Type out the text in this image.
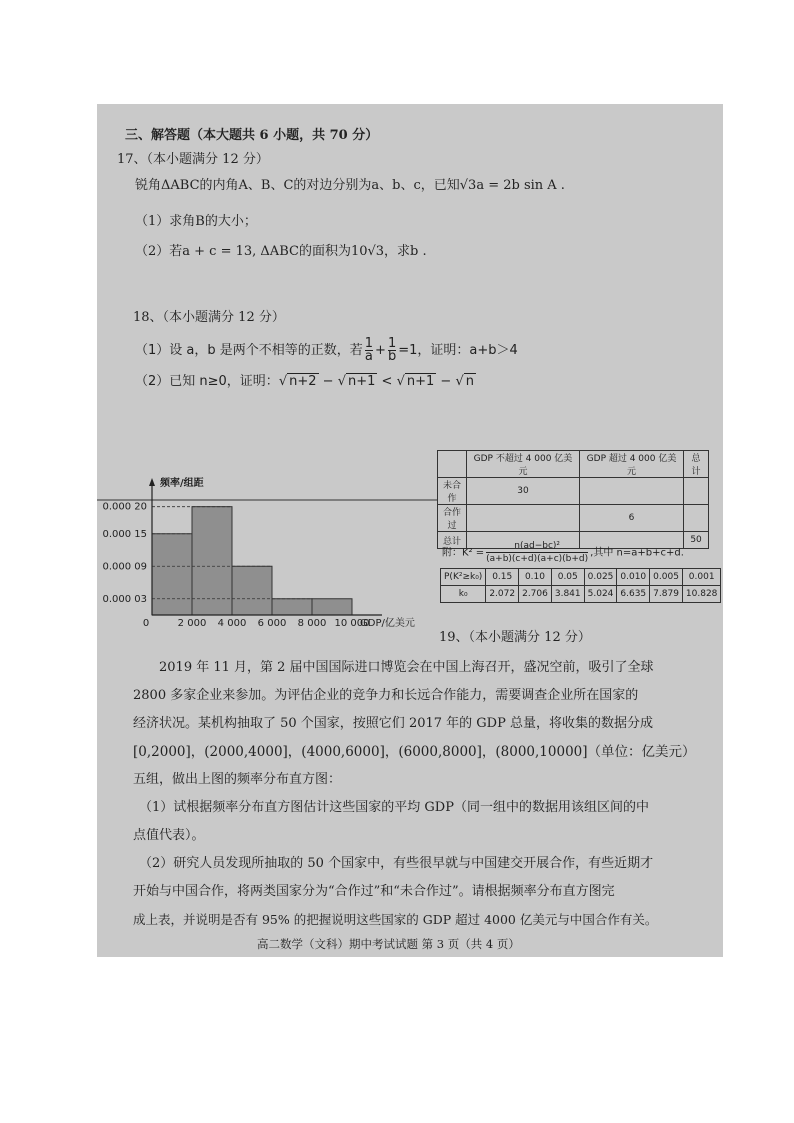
三、解答题（本大题共 6 小题，共 70 分）
17、（本小题满分 12 分）
锐角ΔABC的内角A、B、C的对边分别为a、b、c，已知√3a = 2b sin A .
（1）求角B的大小；
（2）若a + c = 13, ΔABC的面积为10√3，求b .
18、（本小题满分 12 分）
（1）设 a，b 是两个不相等的正数，若 $\frac{1}{a} + \frac{1}{b} =1$，证明：a+b＞4
（2）已知 n≥0，证明：√ n+2 − √ n+1 < √ n+1 − √ n
0.000 20
0.000 15
0.000 09
0.000 03
0	2 000 4 000 6 000 8 000 10 000
频率/组距
GDP/亿美元
	GDP 不超过 4 000 亿美元	GDP 超过 4 000 亿美元	总计
未合作	30		
合作过		6	
总计			50
附：$K^2 = \frac{\text{n(ad−bc)²}}{(a+b)(c+d)(a+c)(b+d)}$ ,其中 n=a+b+c+d.
P(K²≥k₀)	0.15	0.10	0.05	0.025	0.010	0.005	0.001
k₀	2.072	2.706	3.841	5.024	6.635	7.879	10.828
19、（本小题满分 12 分）
2019 年 11 月，第 2 届中国国际进口博览会在中国上海召开，盛况空前，吸引了全球
2800 多家企业来参加。为评估企业的竞争力和长远合作能力，需要调查企业所在国家的
经济状况。某机构抽取了 50 个国家，按照它们 2017 年的 GDP 总量，将收集的数据分成
[0,2000]，(2000,4000]，(4000,6000]，(6000,8000]，(8000,10000]（单位：亿美元）
五组，做出上图的频率分布直方图：
（1）试根据频率分布直方图估计这些国家的平均 GDP（同一组中的数据用该组区间的中
点值代表）。
（2）研究人员发现所抽取的 50 个国家中，有些很早就与中国建交开展合作，有些近期才
开始与中国合作，将两类国家分为“合作过”和“未合作过”。请根据频率分布直方图完
成上表，并说明是否有 95% 的把握说明这些国家的 GDP 超过 4000 亿美元与中国合作有关。
高二数学（文科）期中考试试题 第 3 页（共 4 页）
